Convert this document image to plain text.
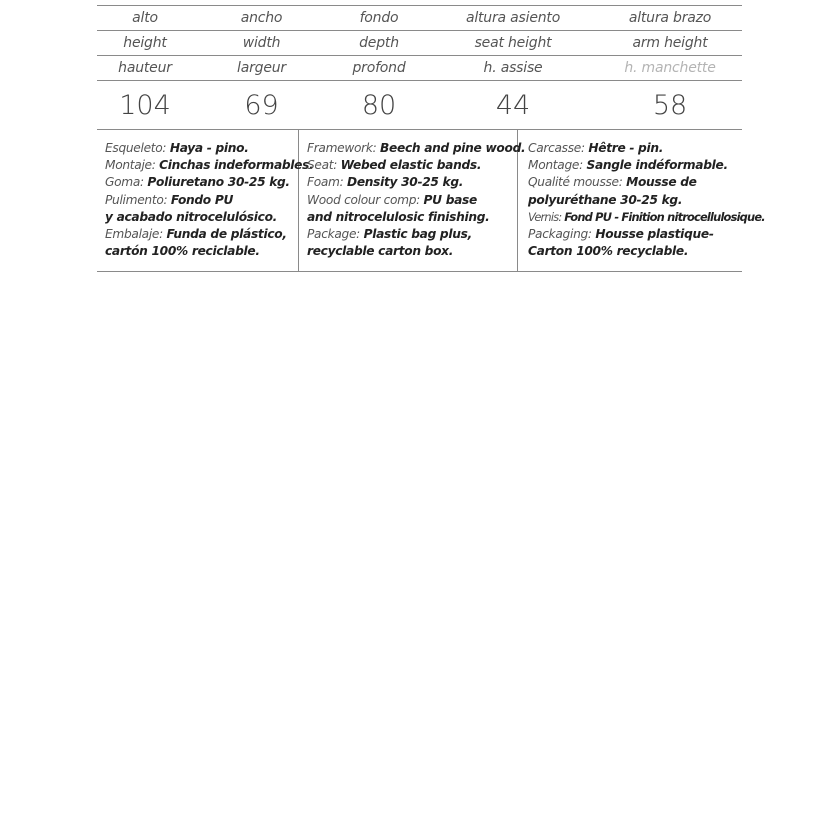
alto	ancho	fondo	altura asiento	altura brazo
height	width	depth	seat height	arm height
hauteur	largeur	profond	h. assise	h. manchette
104	69	80	44	58
Esqueleto: Haya - pino.
Montaje: Cinchas indeformables.
Goma: Poliuretano 30-25 kg.
Pulimento: Fondo PU
y acabado nitrocelulósico.
Embalaje: Funda de plástico,
cartón 100% reciclable.
Framework: Beech and pine wood.
Seat: Webed elastic bands.
Foam: Density 30-25 kg.
Wood colour comp: PU base
and nitrocelulosic finishing.
Package: Plastic bag plus,
recyclable carton box.
Carcasse: Hêtre - pin.
Montage: Sangle indéformable.
Qualité mousse: Mousse de
polyuréthane 30-25 kg.
Vernis: Fond PU - Finition nitrocellulosique.
Packaging: Housse plastique-
Carton 100% recyclable.
